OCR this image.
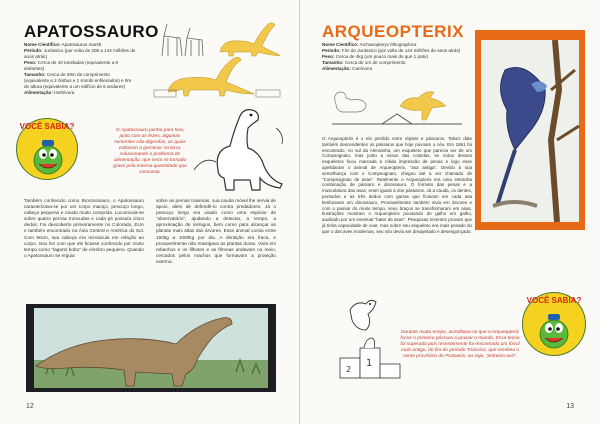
APATOSSAURO
Nome Científico: Apatosaurus marsh
Período: Jurássico (por volta de 208 a 144 milhões de anos atrás)
Peso: Cerca de 40 toneladas (equivalente a 8 elefantes)
Tamanho: Cerca de 28m de comprimento (equivalente a 2 ônibus e 1 Kombi enfileirados) e 9m de altura (equivalente a um edifício de 6 andares)
Alimentação: Herbívora
VOCÊ SABIA?	O Apatossauro punha para fora, junto com as fezes, algumas sementes não digeridas, as quais voltavam a germinar na terra, solucionando o problema de alimentação, que seria se tornado grave pela imensa quantidade que consumia.
Também conhecido como Brontossauro, o Apatossauro caracterizava-se por um corpo maciço, pescoço longo, cabeça pequena e cauda muito comprida. Locomovia-se sobre quatro pernas troncudas e cada pé possuía cinco dedos. Foi descoberto primeiramente no Colorado, EUA e também encontrado na Ásia Central e América do Sul. Com 90cm, sua cabeça era minúscula em relação ao corpo. Isso fez com que ele ficasse conhecido por muito tempo como "lagarto bobo" de cérebro pequeno. Quando o Apatossauro se erguia
sobre as pernas traseiras, sua cauda móvel lhe servia de apoio, além de defendê-lo contra predadores. Já o pescoço longo era usado como uma espécie de "observatório", ajudando a detectar, a tempo, a aproximação de inimigos, bem como para alcançar as plantas mais altas das árvores. Esse animal comia entre 150kg a 1000kg por dia. A dentição era fraca, e provavelmente não mastigava as plantas duras. Vivia em rebanhos e os filhotes e as fêmeas andavam no meio, cercados pelos machos que formavam a proteção externa.
12
ARQUEOPTERIX
Nome Científico: Archaeopteryx lithographica
Período: Fim do Jurássico (por volta de 144 milhões de anos atrás)
Peso: Cerca de 4kg (um pouco mais do que 1 pato)
Tamanho: Cerca de 1m de comprimento
Alimentação: Carnívora
O Arqueopterix é o elo perdido entre répteis e pássaros. Talvez date também descendentes os pássaros que hoje povoam o céu. Em 1861 foi encontrado, no sul da Alemanha, um esqueleto que parecia ser de um Compsognato, mas junto a ossos das costelas, se notou desses esqueletos ficou marcada a nítida impressão de penas e logo esse apelidaram o animal de Arqueopterix, "asa antiga". Devido à sua semelhança com o Compsognato, chegou até a ser chamado de "Compsognato de asas". Realmente o Arqueopterix era uma estranha combinação de pássaro e dinossauro. O formato das penas e a musculatura das asas, eram iguais a dos pássaros. Já a cauda, os dentes, pontudos e as três dedos com garras que ficavam em cada asa lembravam um dinossauro. Provavelmente também vivia em árvores e com o passar do muito tempo, seus braços se transformaram em asas. Ilustrações mostram o Arqueopterix pousando de galho em galho, auxiliado por um eventual "bater de asas". Pesquisas recentes provam que já tinha capacidade de voar, mas sobre seu esqueleto era mais pesado do que o das aves modernas, seu vôo devia ser desajeitado e desengonçado.
VOCÊ SABIA?
1
2
Durante muito tempo, acreditava-se que o Arqueopterix fosse o primeiro pássaro a povoar o mundo. Essa teoria foi superada pois recentemente foi encontrado um fóssil mais antigo, do fim do período Triássico, que recebeu o nome provisório de Protoavis, ou seja, "primeiro ave".
13
